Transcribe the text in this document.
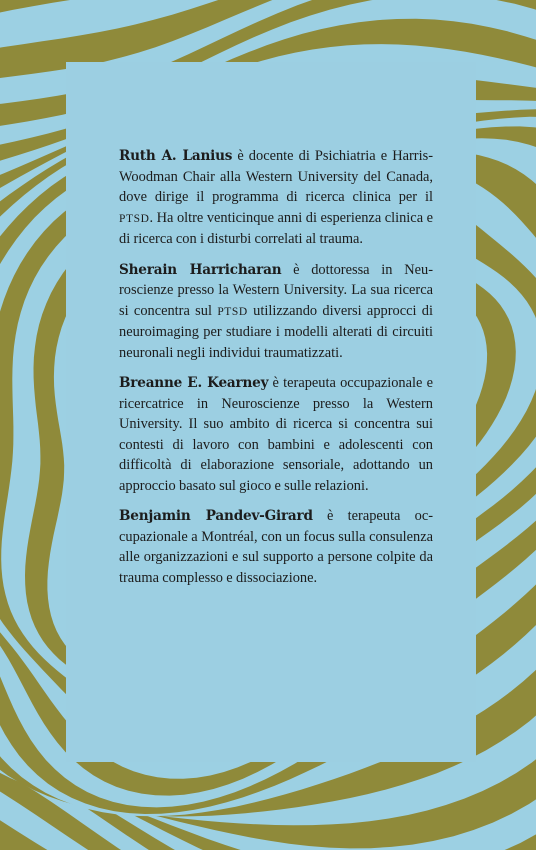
Ruth A. Lanius è docente di Psichiatria e Harris-Woodman Chair alla Western University del Canada, dove dirige il programma di ricerca clinica per il PTSD. Ha oltre venticinque anni di esperienza clinica e di ricerca con i disturbi correlati al trauma.

Sherain Harricharan è dottoressa in Neuroscienze presso la Western University. La sua ricerca si concentra sul PTSD utilizzando diversi approcci di neuroimaging per studiare i modelli alterati di circuiti neuronali negli individui traumatizzati.

Breanne E. Kearney è terapeuta occupazionale e ricercatrice in Neuroscienze presso la Western University. Il suo ambito di ricerca si concentra sui contesti di lavoro con bambini e adolescenti con difficoltà di elaborazione sensoriale, adottando un approccio basato sul gioco e sulle relazioni.

Benjamin Pandev-Girard è terapeuta occupazionale a Montréal, con un focus sulla consulenza alle organizzazioni e sul supporto a persone colpite da trauma complesso e dissociazione.
